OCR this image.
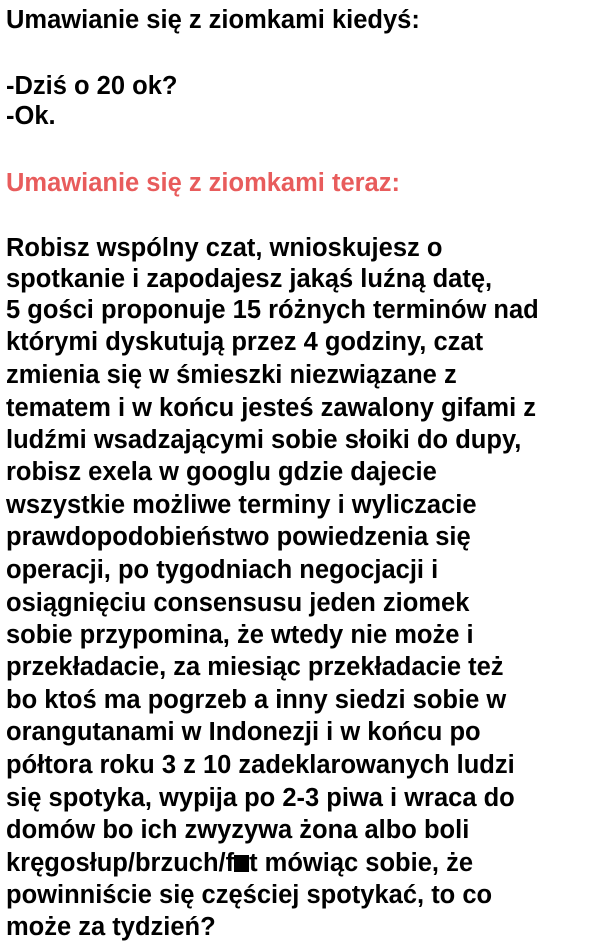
Umawianie się z ziomkami kiedyś:
-Dziś o 20 ok?
-Ok.
Umawianie się z ziomkami teraz:
Robisz wspólny czat, wnioskujesz o
spotkanie i zapodajesz jakąś luźną datę,
5 gości proponuje 15 różnych terminów nad
którymi dyskutują przez 4 godziny, czat
zmienia się w śmieszki niezwiązane z
tematem i w końcu jesteś zawalony gifami z
ludźmi wsadzającymi sobie słoiki do dupy,
robisz exela w googlu gdzie dajecie
wszystkie możliwe terminy i wyliczacie
prawdopodobieństwo powiedzenia się
operacji, po tygodniach negocjacji i
osiągnięciu consensusu jeden ziomek
sobie przypomina, że wtedy nie może i
przekładacie, za miesiąc przekładacie też
bo ktoś ma pogrzeb a inny siedzi sobie w
orangutanami w Indonezji i w końcu po
półtora roku 3 z 10 zadeklarowanych ludzi
się spotyka, wypija po 2-3 piwa i wraca do
domów bo ich zwyzywa żona albo boli
kręgosłup/brzuch/f t mówiąc sobie, że
powinniście się częściej spotykać, to co
może za tydzień?
